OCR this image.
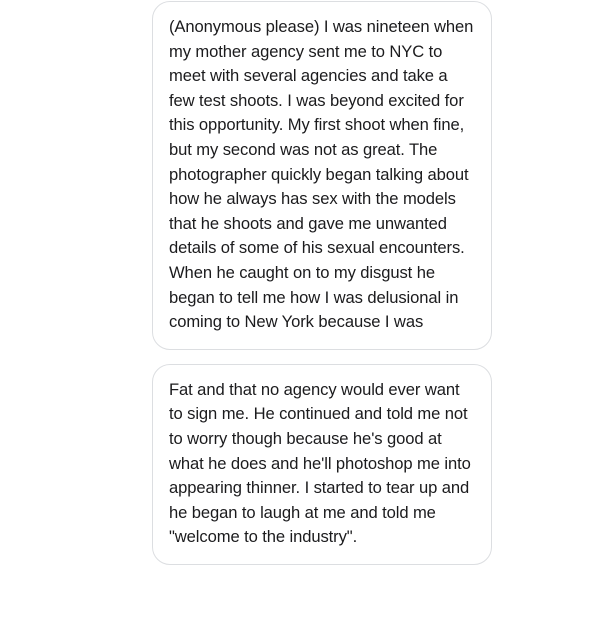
(Anonymous please) I was nineteen when my mother agency sent me to NYC to meet with several agencies and take a few test shoots. I was beyond excited for this opportunity. My first shoot when fine, but my second was not as great. The photographer quickly began talking about how he always has sex with the models that he shoots and gave me unwanted details of some of his sexual encounters. When he caught on to my disgust he began to tell me how I was delusional in coming to New York because I was
Fat and that no agency would ever want to sign me. He continued and told me not to worry though because he's good at what he does and he'll photoshop me into appearing thinner. I started to tear up and he began to laugh at me and told me "welcome to the industry".
